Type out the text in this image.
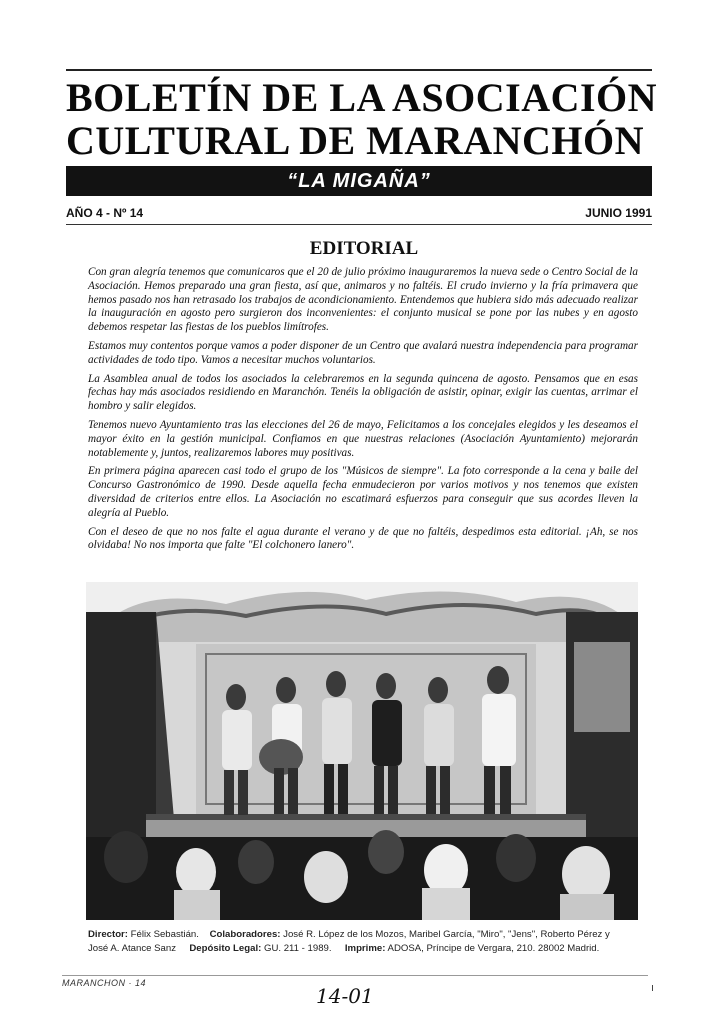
BOLETÍN DE LA ASOCIACIÓN
CULTURAL DE MARANCHÓN
“LA MIGAÑA”
AÑO 4 - Nº 14	JUNIO 1991
EDITORIAL

Con gran alegría tenemos que comunicaros que el 20 de julio próximo inauguraremos la nueva sede o Centro Social de la Asociación. Hemos preparado una gran fiesta, así que, animaros y no faltéis. El crudo invierno y la fría primavera que hemos pasado nos han retrasado los trabajos de acondicionamiento. Entendemos que hubiera sido más adecuado realizar la inauguración en agosto pero surgieron dos inconvenientes: el conjunto musical se pone por las nubes y en agosto debemos respetar las fiestas de los pueblos limítrofes.

Estamos muy contentos porque vamos a poder disponer de un Centro que avalará nuestra independencia para programar actividades de todo tipo. Vamos a necesitar muchos voluntarios.

La Asamblea anual de todos los asociados la celebraremos en la segunda quincena de agosto. Pensamos que en esas fechas hay más asociados residiendo en Maranchón. Tenéis la obligación de asistir, opinar, exigir las cuentas, arrimar el hombro y salir elegidos.

Tenemos nuevo Ayuntamiento tras las elecciones del 26 de mayo, Felicitamos a los concejales elegidos y les deseamos el mayor éxito en la gestión municipal. Confiamos en que nuestras relaciones (Asociación Ayuntamiento) mejorarán notablemente y, juntos, realizaremos labores muy positivas.

En primera página aparecen casi todo el grupo de los "Músicos de siempre". La foto corresponde a la cena y baile del Concurso Gastronómico de 1990. Desde aquella fecha enmudecieron por varios motivos y nos tenemos que existen diversidad de criterios entre ellos. La Asociación no escatimará esfuerzos para conseguir que sus acordes lleven la alegría al Pueblo.

Con el deseo de que no nos falte el agua durante el verano y de que no faltéis, despedimos esta editorial. ¡Ah, se nos olvidaba! No nos importa que falte "El colchonero lanero".

Director: Félix Sebastián. Colaboradores: José R. López de los Mozos, Maribel García, "Miro", "Jens", Roberto Pérez y
José A. Atance Sanz Depósito Legal: GU. 211 - 1989. Imprime: ADOSA, Príncipe de Vergara, 210. 28002 Madrid.
MARANCHON · 14
14-01
